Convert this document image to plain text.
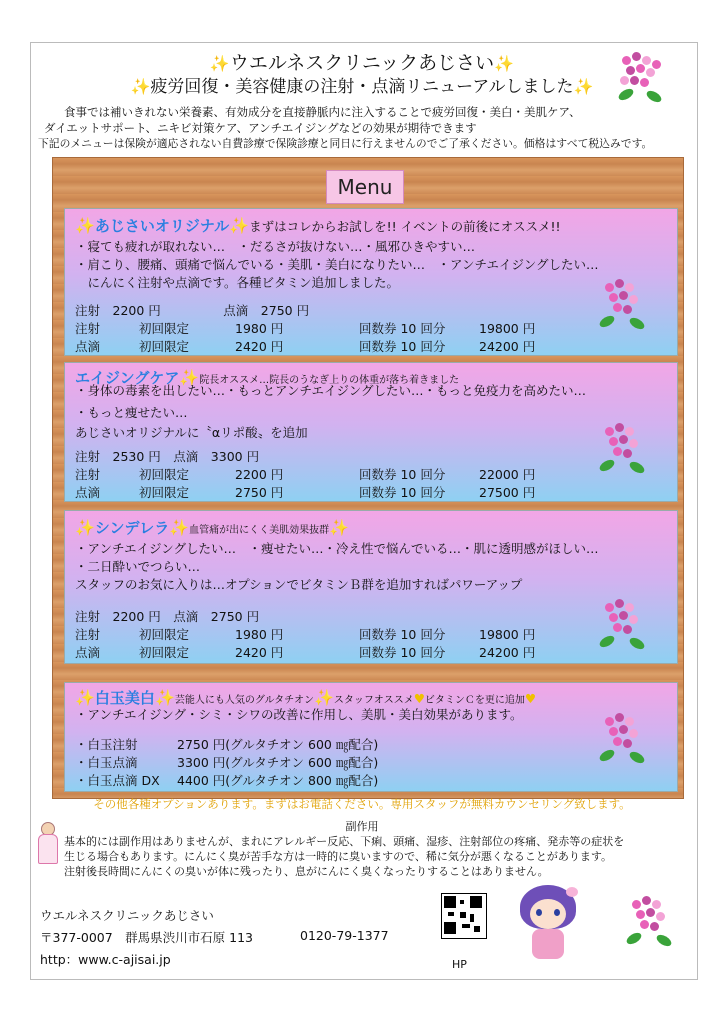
✨ウエルネスクリニックあじさい✨
✨疲労回復・美容健康の注射・点滴リニューアルしました✨
食事では補いきれない栄養素、有効成分を直接静脈内に注入することで疲労回復・美白・美肌ケア、
ダイエットサポート、ニキビ対策ケア、アンチエイジングなどの効果が期待できます
下記のメニューは保険が適応されない自費診療で保険診療と同日に行えませんのでご了承ください。価格はすべて税込みです。
Menu
✨あじさいオリジナル✨まずはコレからお試しを!! イベントの前後にオススメ!!
・寝ても疲れが取れない…　・だるさが抜けない…・風邪ひきやすい…
・肩こり、腰痛、頭痛で悩んでいる・美肌・美白になりたい…　・アンチエイジングしたい…
　にんにく注射や点滴です。各種ビタミン追加しました。
注射　2200 円　　　　　点滴　2750 円
注射	初回限定	1980 円	回数券 10 回分	19800 円
点滴	初回限定	2420 円	回数券 10 回分	24200 円
エイジングケア✨院長オススメ…院長のうなぎ上りの体重が落ち着きました
・身体の毒素を出したい…・もっとアンチエイジングしたい…・もっと免疫力を高めたい…
・もっと痩せたい…
あじさいオリジナルに〝αリポ酸〟を追加
注射　2530 円　点滴　3300 円
注射	初回限定	2200 円	回数券 10 回分	22000 円
点滴	初回限定	2750 円	回数券 10 回分	27500 円
✨シンデレラ✨血管痛が出にくく美肌効果抜群✨
・アンチエイジングしたい…　・痩せたい…・冷え性で悩んでいる…・肌に透明感がほしい…
・二日酔いでつらい…
スタッフのお気に入りは…オプションでビタミンＢ群を追加すればパワーアップ
注射　2200 円　点滴　2750 円
注射	初回限定	1980 円	回数券 10 回分	19800 円
点滴	初回限定	2420 円	回数券 10 回分	24200 円
✨白玉美白✨芸能人にも人気のグルタチオン✨スタッフオススメ♥ビタミンＣを更に追加♥
・アンチエイジング・シミ・シワの改善に作用し、美肌・美白効果があります。
・白玉注射	2750 円(グルタチオン 600 ㎎配合)
・白玉点滴	3300 円(グルタチオン 600 ㎎配合)
・白玉点滴 DX 4400 円(グルタチオン 800 ㎎配合)
その他各種オプションあります。まずはお電話ください。専用スタッフが無料カウンセリング致します。
副作用
基本的には副作用はありませんが、まれにアレルギー反応、下痢、頭痛、湿疹、注射部位の疼痛、発赤等の症状を
生じる場合もあります。にんにく臭が苦手な方は一時的に臭いますので、稀に気分が悪くなることがあります。
注射後長時間にんにくの臭いが体に残ったり、息がにんにく臭くなったりすることはありません。
ウエルネスクリニックあじさい
〒377-0007　群馬県渋川市石原 113	0120-79-1377
http：www.c-ajisai.jp	HP
